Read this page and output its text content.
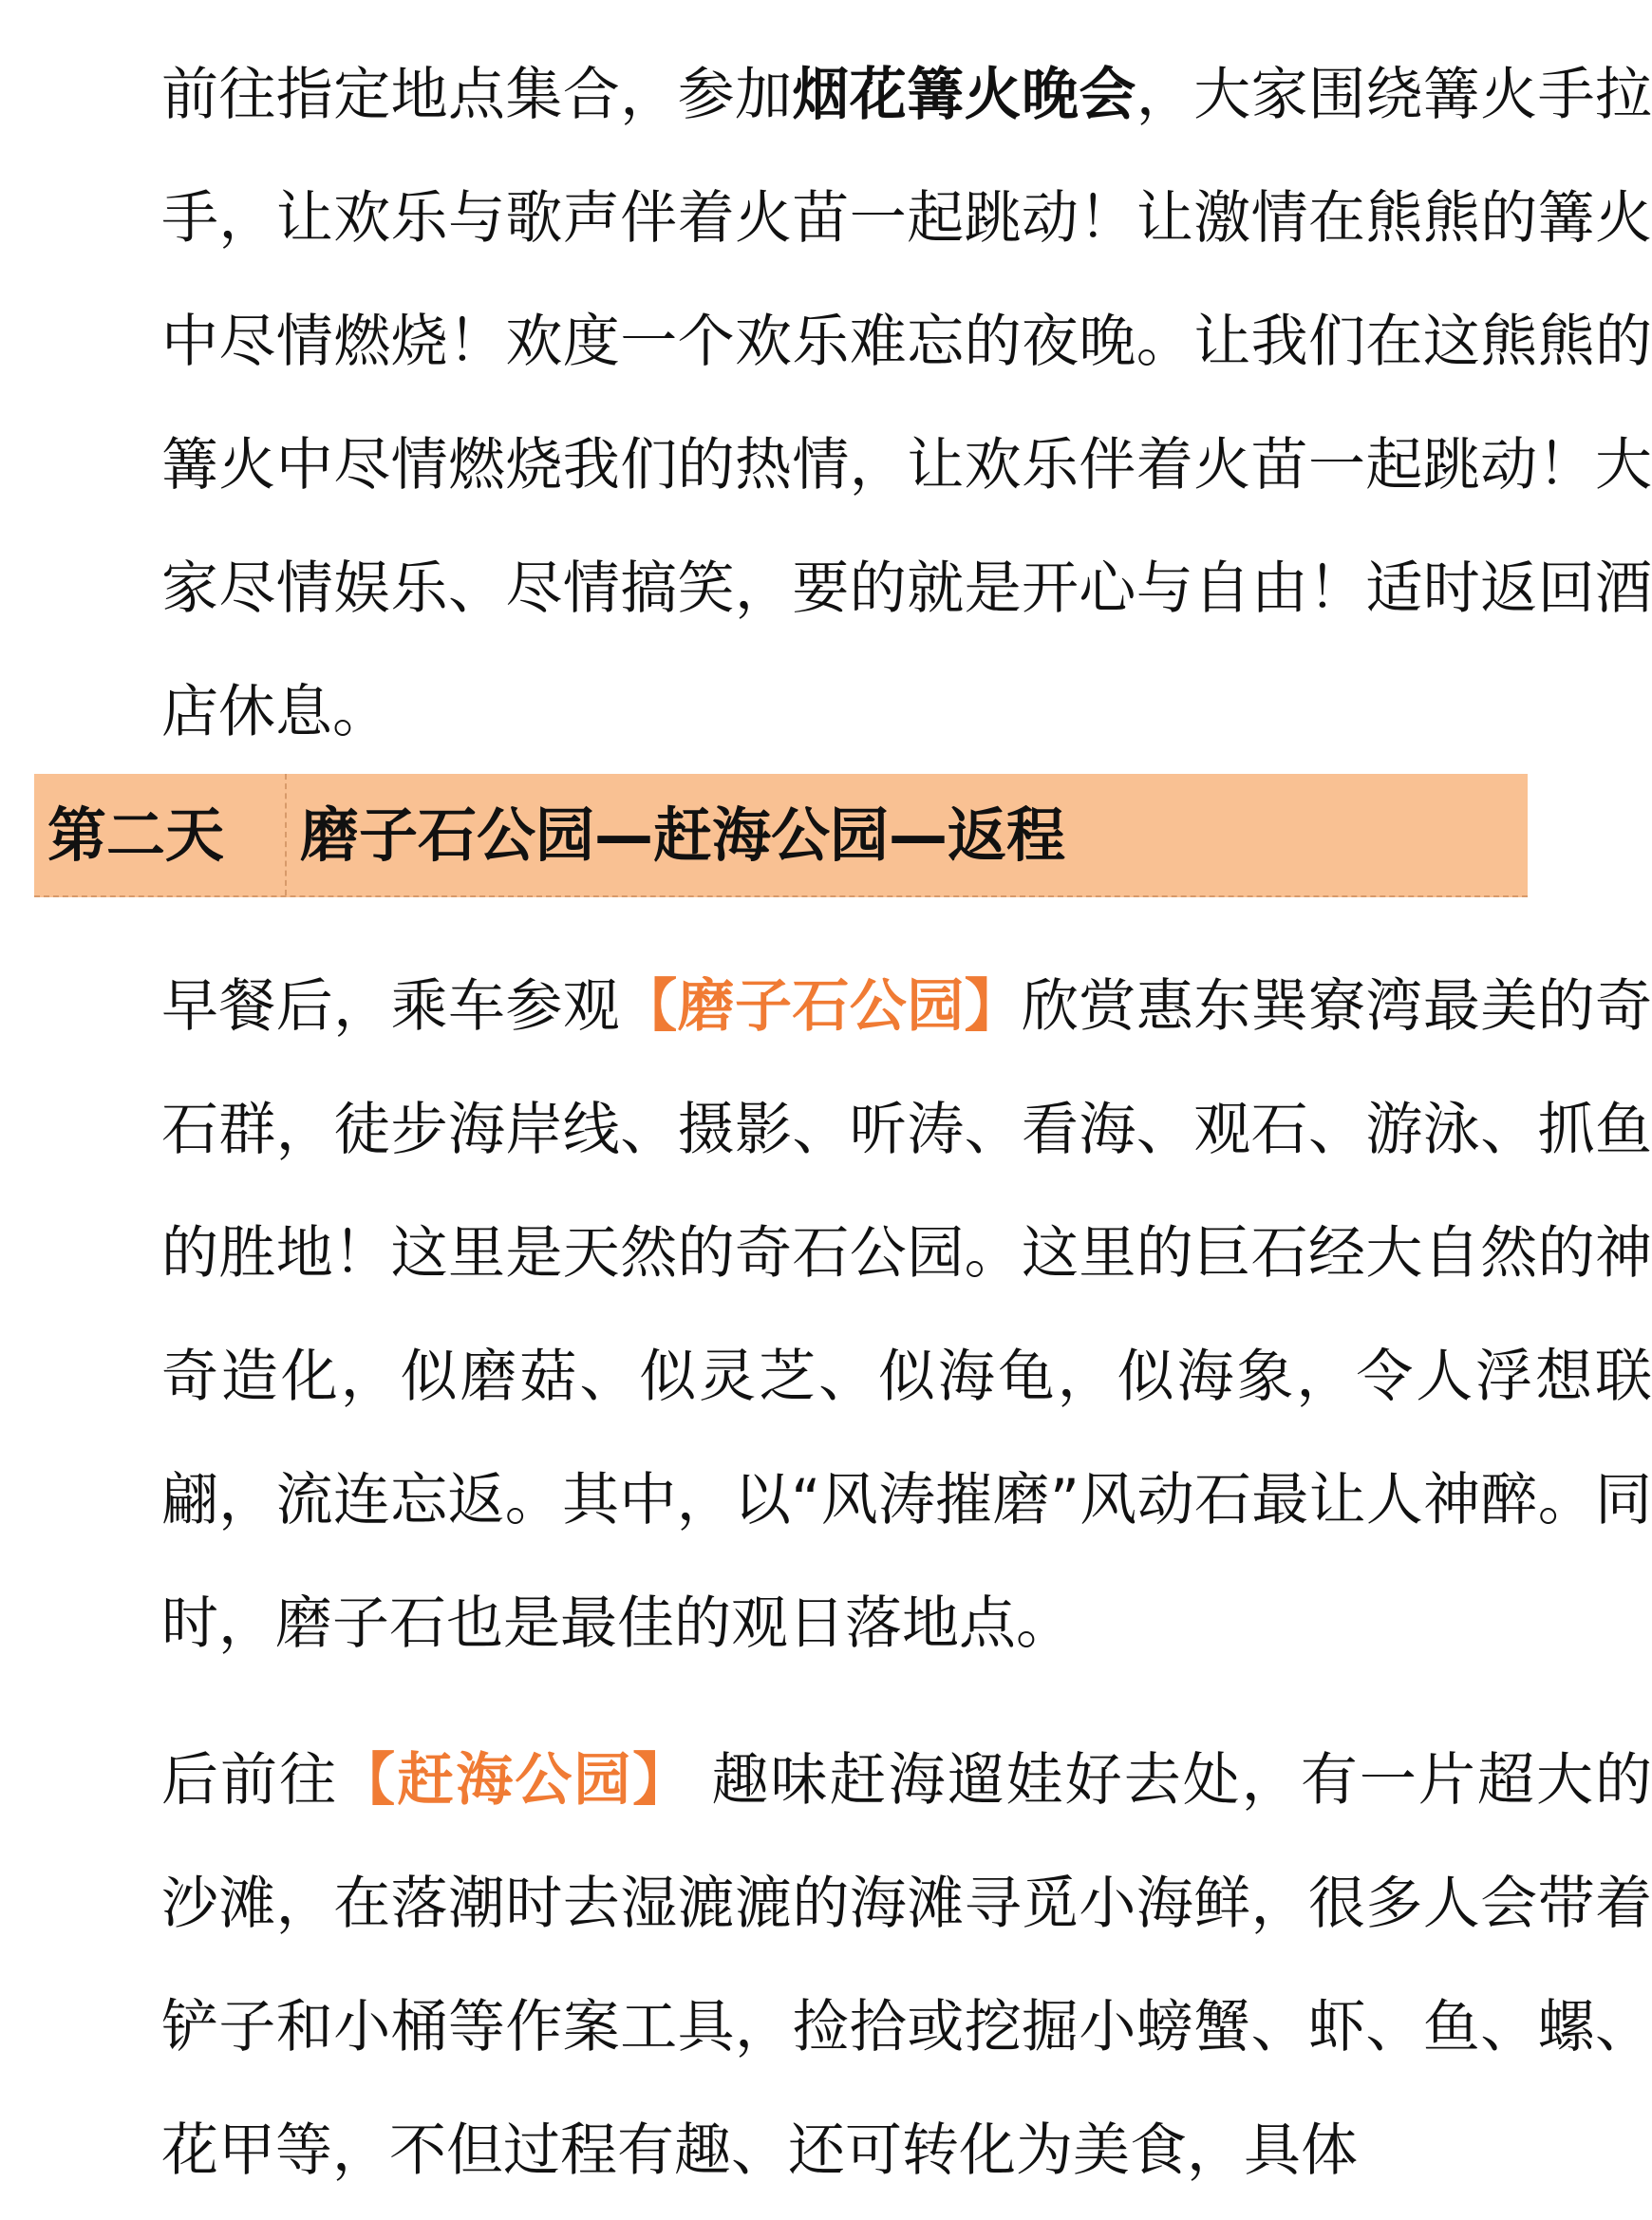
前往指定地点集合，参加烟花篝火晚会，大家围绕篝火手拉手，让欢乐与歌声伴着火苗一起跳动！让激情在熊熊的篝火中尽情燃烧！欢度一个欢乐难忘的夜晚。让我们在这熊熊的篝火中尽情燃烧我们的热情，让欢乐伴着火苗一起跳动！大家尽情娱乐、尽情搞笑，要的就是开心与自由！适时返回酒店休息。

第二天 磨子石公园—赶海公园—返程

早餐后，乘车参观【磨子石公园】欣赏惠东巽寮湾最美的奇石群，徒步海岸线、摄影、听涛、看海、观石、游泳、抓鱼的胜地！这里是天然的奇石公园。这里的巨石经大自然的神奇造化，似磨菇、似灵芝、似海龟，似海象，令人浮想联翩，流连忘返。其中，以“风涛摧磨”风动石最让人神醉。同时，磨子石也是最佳的观日落地点。

后前往【赶海公园】 趣味赶海遛娃好去处，有一片超大的沙滩，在落潮时去湿漉漉的海滩寻觅小海鲜，很多人会带着铲子和小桶等作案工具，捡拾或挖掘小螃蟹、虾、鱼、螺、花甲等，不但过程有趣、还可转化为美食，具体
